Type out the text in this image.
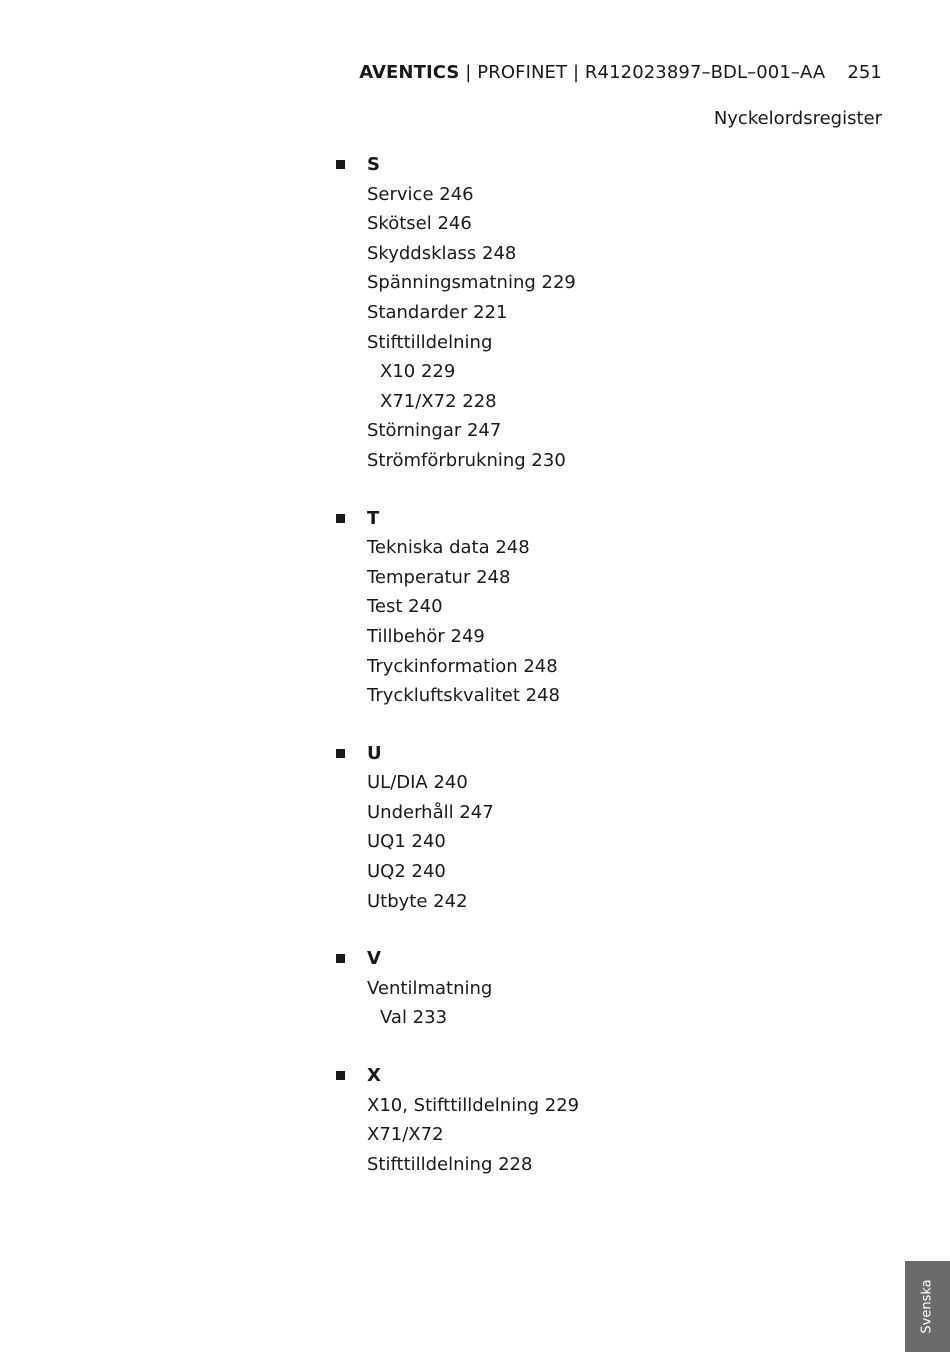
AVENTICS | PROFINET | R412023897–BDL–001–AA 251
Nyckelordsregister
S
Service 246
Skötsel 246
Skyddsklass 248
Spänningsmatning 229
Standarder 221
Stifttilldelning
X10 229
X71/X72 228
Störningar 247
Strömförbrukning 230
T
Tekniska data 248
Temperatur 248
Test 240
Tillbehör 249
Tryckinformation 248
Tryckluftskvalitet 248
U
UL/DIA 240
Underhåll 247
UQ1 240
UQ2 240
Utbyte 242
V
Ventilmatning
Val 233
X
X10, Stifttilldelning 229
X71/X72
Stifttilldelning 228
Svenska
